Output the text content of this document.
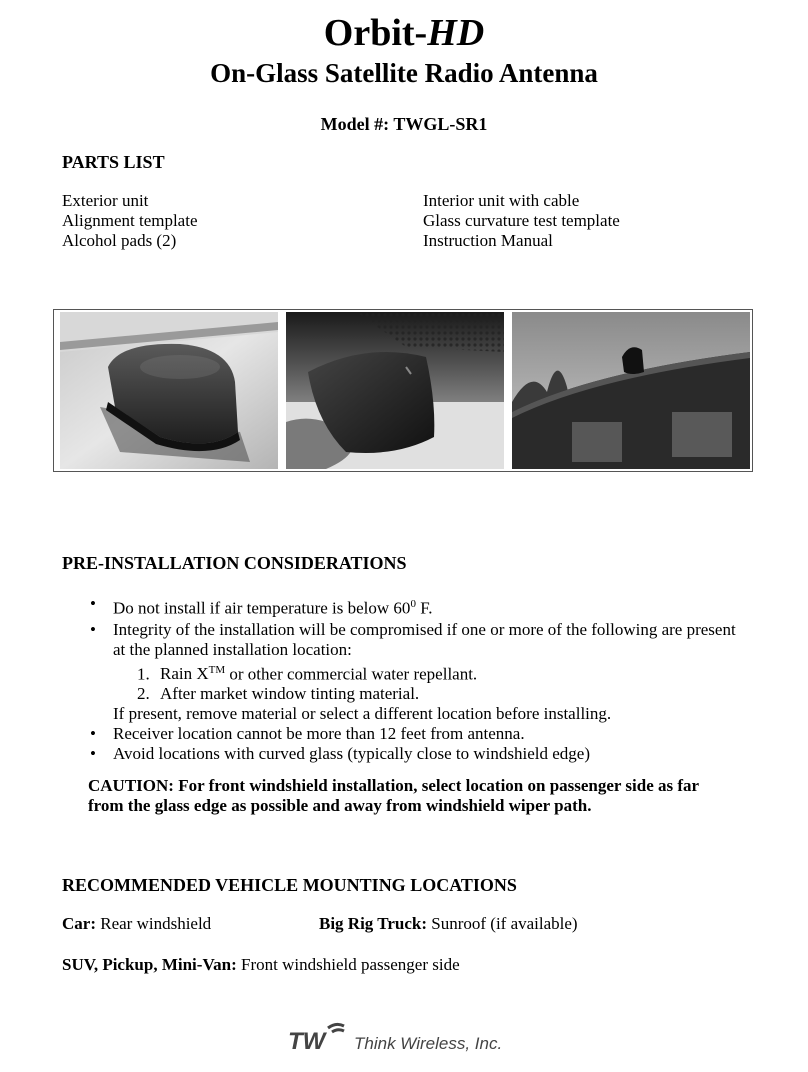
Orbit-HD
On-Glass Satellite Radio Antenna
Model #: TWGL-SR1
PARTS LIST
Exterior unit
Alignment template
Alcohol pads (2)
Interior unit with cable
Glass curvature test template
Instruction Manual
PRE-INSTALLATION CONSIDERATIONS
• Do not install if air temperature is below $60^0$ F.
• Integrity of the installation will be compromised if one or more of the following are present
at the planned installation location:
1. Rain X™ or other commercial water repellant.
2. After market window tinting material.
If present, remove material or select a different location before installing.
• Receiver location cannot be more than 12 feet from antenna.
• Avoid locations with curved glass (typically close to windshield edge)
CAUTION: For front windshield installation, select location on passenger side as far
from the glass edge as possible and away from windshield wiper path.
RECOMMENDED VEHICLE MOUNTING LOCATIONS
Car: Rear windshield	Big Rig Truck: Sunroof (if available)
SUV, Pickup, Mini-Van: Front windshield passenger side
TW Think Wireless, Inc.
